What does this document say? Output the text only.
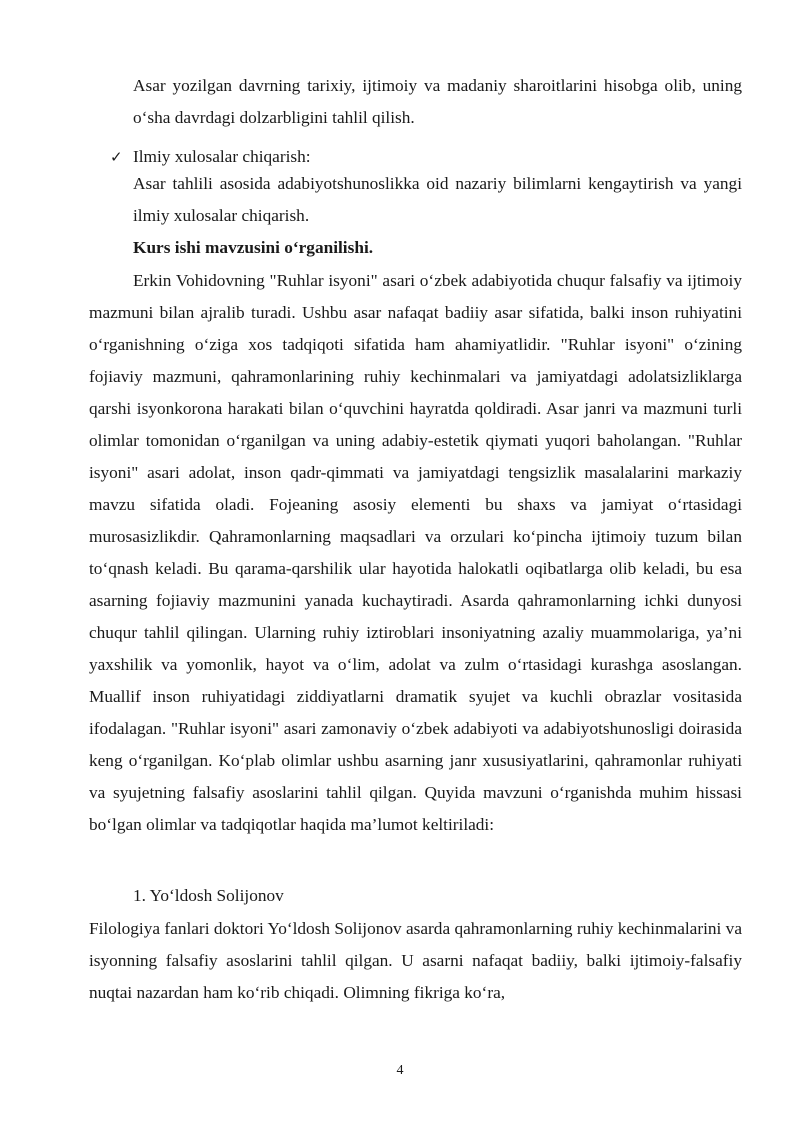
Asar yozilgan davrning tarixiy, ijtimoiy va madaniy sharoitlarini hisobga olib, uning o‘sha davrdagi dolzarbligini tahlil qilish.

✓ Ilmiy xulosalar chiqarish:

Asar tahlili asosida adabiyotshunoslikka oid nazariy bilimlarni kengaytirish va yangi ilmiy xulosalar chiqarish.

Kurs ishi mavzusini o‘rganilishi.

Erkin Vohidovning "Ruhlar isyoni" asari o‘zbek adabiyotida chuqur falsafiy va ijtimoiy mazmuni bilan ajralib turadi. Ushbu asar nafaqat badiiy asar sifatida, balki inson ruhiyatini o‘rganishning o‘ziga xos tadqiqoti sifatida ham ahamiyatlidir. "Ruhlar isyoni" o‘zining fojiaviy mazmuni, qahramonlarining ruhiy kechinmalari va jamiyatdagi adolatsizliklarga qarshi isyonkorona harakati bilan o‘quvchini hayratda qoldiradi. Asar janri va mazmuni turli olimlar tomonidan o‘rganilgan va uning adabiy-estetik qiymati yuqori baholangan. "Ruhlar isyoni" asari adolat, inson qadr-qimmati va jamiyatdagi tengsizlik masalalarini markaziy mavzu sifatida oladi. Fojeaning asosiy elementi bu shaxs va jamiyat o‘rtasidagi murosasizlikdir. Qahramonlarning maqsadlari va orzulari ko‘pincha ijtimoiy tuzum bilan to‘qnash keladi. Bu qarama-qarshilik ular hayotida halokatli oqibatlarga olib keladi, bu esa asarning fojiaviy mazmunini yanada kuchaytiradi. Asarda qahramonlarning ichki dunyosi chuqur tahlil qilingan. Ularning ruhiy iztiroblari insoniyatning azaliy muammolariga, ya’ni yaxshilik va yomonlik, hayot va o‘lim, adolat va zulm o‘rtasidagi kurashga asoslangan. Muallif inson ruhiyatidagi ziddiyatlarni dramatik syujet va kuchli obrazlar vositasida ifodalagan. "Ruhlar isyoni" asari zamonaviy o‘zbek adabiyoti va adabiyotshunosligi doirasida keng o‘rganilgan. Ko‘plab olimlar ushbu asarning janr xususiyatlarini, qahramonlar ruhiyati va syujetning falsafiy asoslarini tahlil qilgan. Quyida mavzuni o‘rganishda muhim hissasi bo‘lgan olimlar va tadqiqotlar haqida ma’lumot keltiriladi:

1. Yo‘ldosh Solijonov

Filologiya fanlari doktori Yo‘ldosh Solijonov asarda qahramonlarning ruhiy kechinmalarini va isyonning falsafiy asoslarini tahlil qilgan. U asarni nafaqat badiiy, balki ijtimoiy-falsafiy nuqtai nazardan ham ko‘rib chiqadi. Olimning fikriga ko‘ra,

4
